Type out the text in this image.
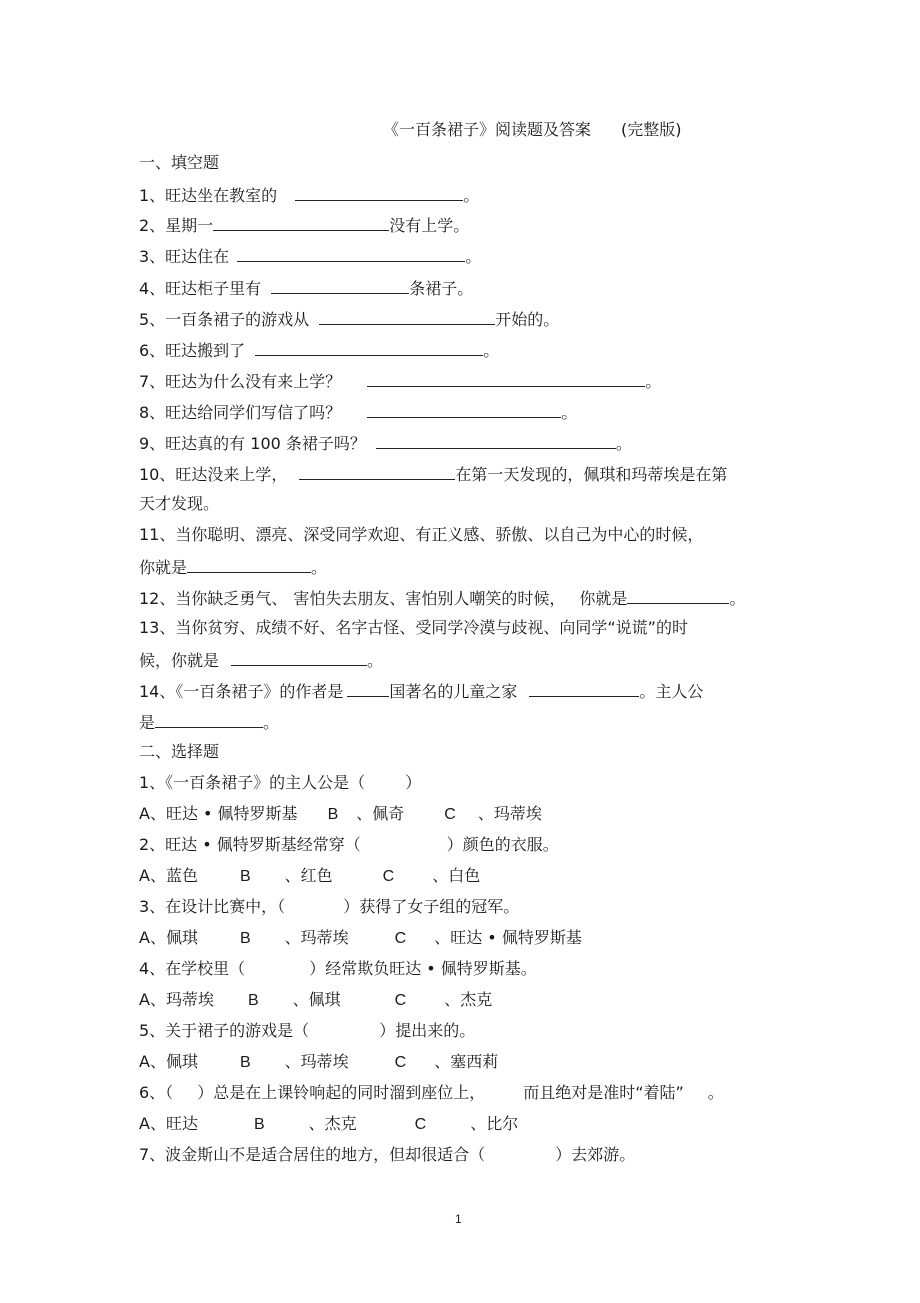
《一百条裙子》阅读题及答案 (完整版)
一、填空题
1、旺达坐在教室的	。
2、星期一	没有上学。
3、旺达住在	。
4、旺达柜子里有	条裙子。
5、一百条裙子的游戏从	开始的。
6、旺达搬到了	。
7、旺达为什么没有来上学？	。
8、旺达给同学们写信了吗？	。
9、旺达真的有 100 条裙子吗？	。
10、旺达没来上学，	在第一天发现的，佩琪和玛蒂埃是在第
天才发现。
11、当你聪明、漂亮、深受同学欢迎、有正义感、骄傲、以自己为中心的时候，
你就是	。
12、当你缺乏勇气、 害怕失去朋友、害怕别人嘲笑的时候， 你就是	。
13、当你贫穷、成绩不好、名字古怪、受同学冷漠与歧视、向同学“说谎”的时
候，你就是	。
14、《一百条裙子》的作者是	国著名的儿童之家	。主人公
是	。
二、选择题
1、《一百条裙子》的主人公是（	）
A、旺达 • 佩特罗斯基 B 、佩奇	C 、玛蒂埃
2、旺达 • 佩特罗斯基经常穿（	）颜色的衣服。
A、蓝色	B 、红色	C 、白色
3、在设计比赛中，（	）获得了女子组的冠军。
A、佩琪	B 、玛蒂埃	C 、旺达 • 佩特罗斯基
4、在学校里（	）经常欺负旺达 • 佩特罗斯基。
A、玛蒂埃 B 、佩琪	C 、杰克
5、关于裙子的游戏是（	）提出来的。
A、佩琪	B 、玛蒂埃	C 、塞西莉
6、（ ）总是在上课铃响起的同时溜到座位上， 而且绝对是准时“着陆” 。
A、旺达	B	、杰克	C	、比尔
7、波金斯山不是适合居住的地方，但却很适合（	）去郊游。
1
